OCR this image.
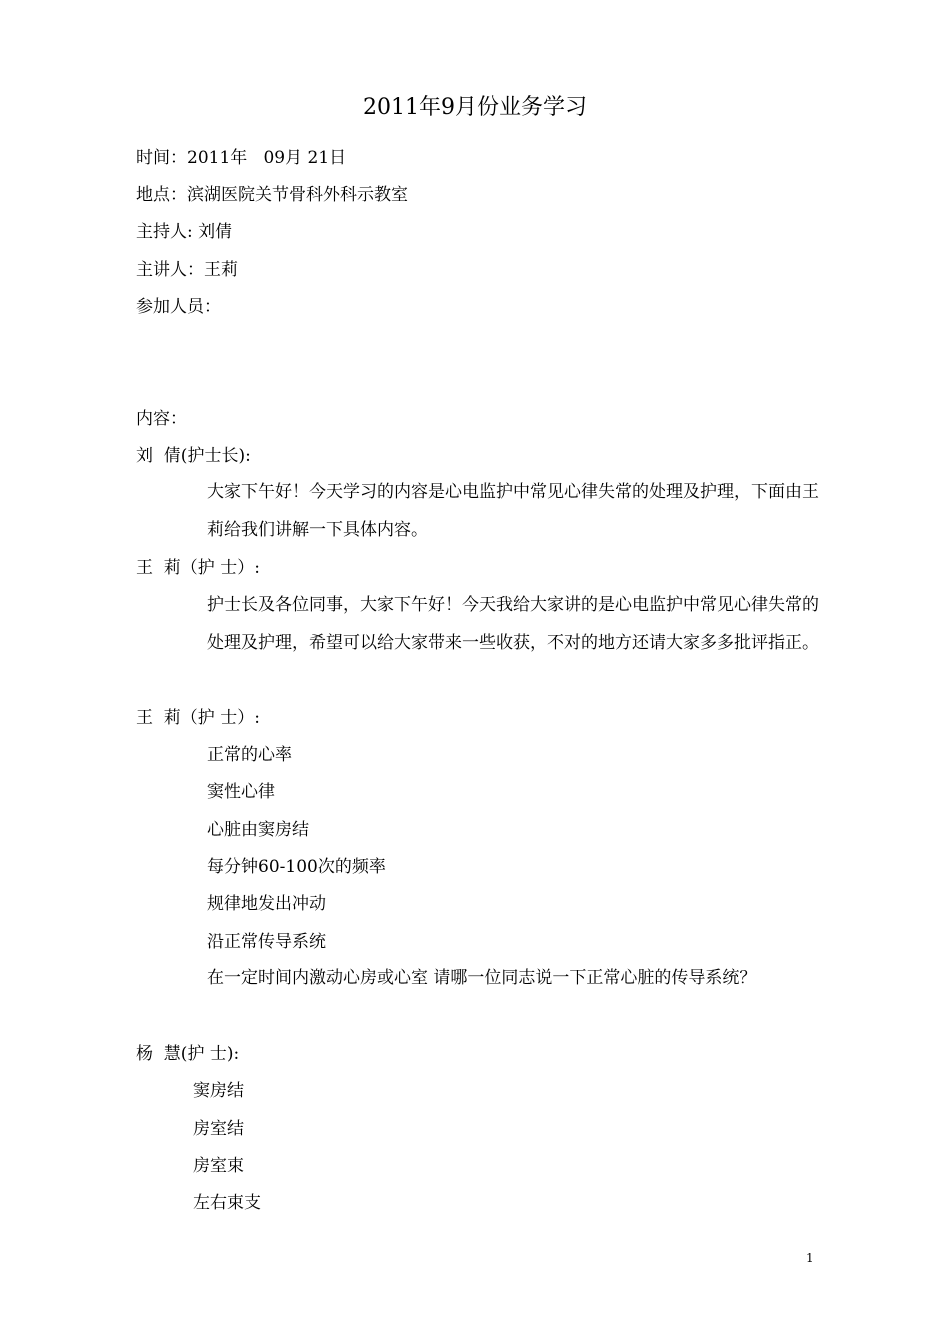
2011年9月份业务学习
时间：2011年   09月 21日
地点：滨湖医院关节骨科外科示教室
主持人: 刘倩
主讲人：王莉
参加人员：
内容：
刘  倩(护士长):
大家下午好！今天学习的内容是心电监护中常见心律失常的处理及护理，下面由王莉给我们讲解一下具体内容。
王  莉（护 士）:
护士长及各位同事，大家下午好！今天我给大家讲的是心电监护中常见心律失常的处理及护理，希望可以给大家带来一些收获，不对的地方还请大家多多批评指正。
王  莉（护 士）:
正常的心率
窦性心律
心脏由窦房结
每分钟60-100次的频率
规律地发出冲动
沿正常传导系统
在一定时间内激动心房或心室 请哪一位同志说一下正常心脏的传导系统？
杨  慧(护 士):
窦房结
房室结
房室束
左右束支
1
